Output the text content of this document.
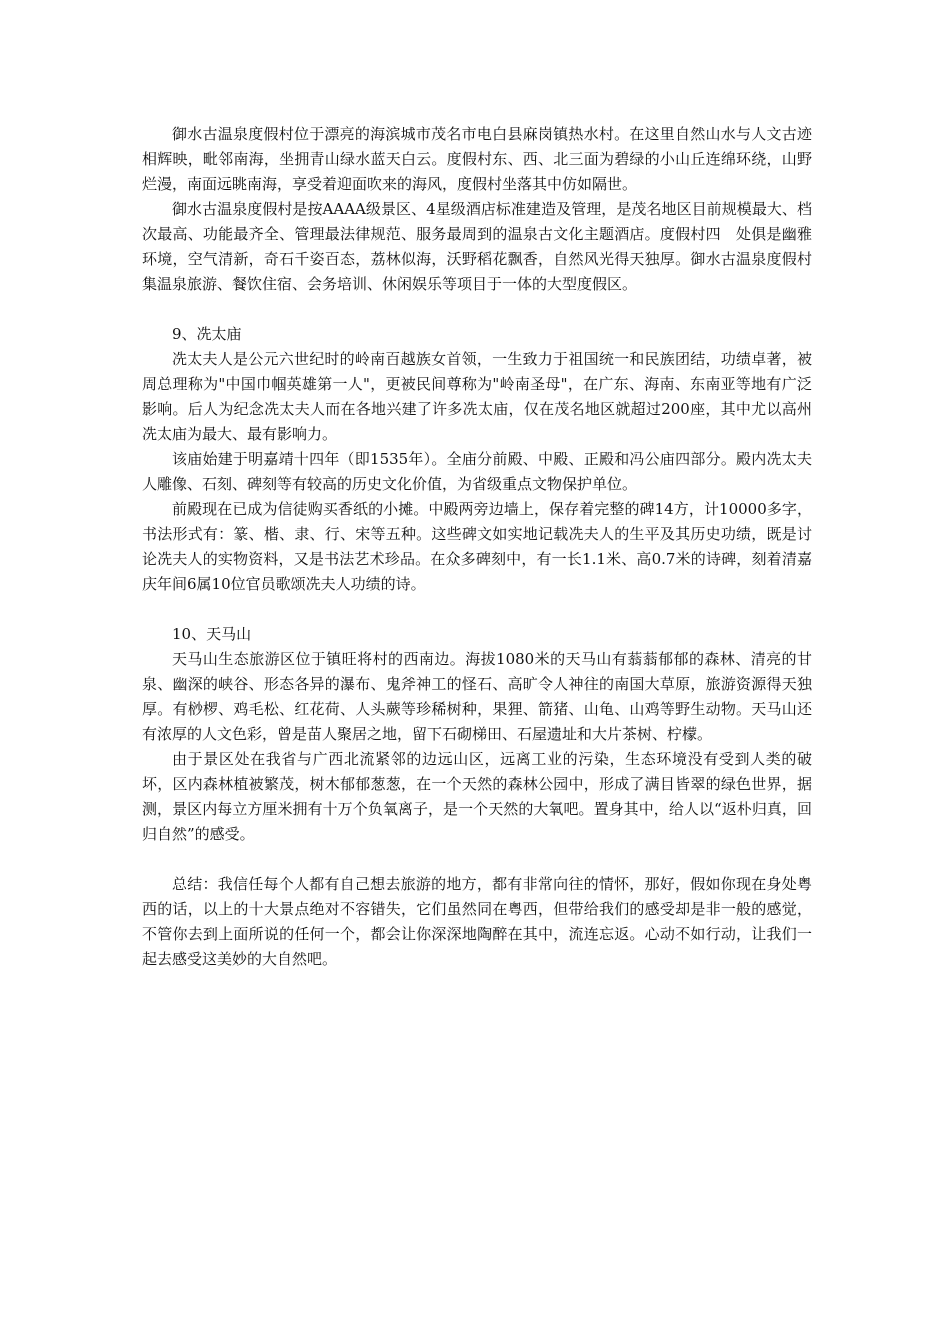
御水古温泉度假村位于漂亮的海滨城市茂名市电白县麻岗镇热水村。在这里自然山水与人文古迹相辉映，毗邻南海，坐拥青山绿水蓝天白云。度假村东、西、北三面为碧绿的小山丘连绵环绕，山野烂漫，南面远眺南海，享受着迎面吹来的海风，度假村坐落其中仿如隔世。

御水古温泉度假村是按AAAA级景区、4星级酒店标准建造及管理，是茂名地区目前规模最大、档次最高、功能最齐全、管理最法律规范、服务最周到的温泉古文化主题酒店。度假村四　处俱是幽雅环境，空气清新，奇石千姿百态，荔林似海，沃野稻花飘香，自然风光得天独厚。御水古温泉度假村集温泉旅游、餐饮住宿、会务培训、休闲娱乐等项目于一体的大型度假区。

9、冼太庙

冼太夫人是公元六世纪时的岭南百越族女首领，一生致力于祖国统一和民族团结，功绩卓著，被周总理称为"中国巾帼英雄第一人"，更被民间尊称为"岭南圣母"，在广东、海南、东南亚等地有广泛影响。后人为纪念冼太夫人而在各地兴建了许多冼太庙，仅在茂名地区就超过200座，其中尤以高州冼太庙为最大、最有影响力。

该庙始建于明嘉靖十四年（即1535年）。全庙分前殿、中殿、正殿和冯公庙四部分。殿内冼太夫人雕像、石刻、碑刻等有较高的历史文化价值，为省级重点文物保护单位。

前殿现在已成为信徒购买香纸的小摊。中殿两旁边墙上，保存着完整的碑14方，计10000多字，书法形式有：篆、楷、隶、行、宋等五种。这些碑文如实地记载冼夫人的生平及其历史功绩，既是讨论冼夫人的实物资料，又是书法艺术珍品。在众多碑刻中，有一长1.1米、高0.7米的诗碑，刻着清嘉庆年间6属10位官员歌颂冼夫人功绩的诗。

10、天马山

天马山生态旅游区位于镇旺将村的西南边。海拔1080米的天马山有蓊蓊郁郁的森林、清亮的甘泉、幽深的峡谷、形态各异的瀑布、鬼斧神工的怪石、高旷令人神往的南国大草原，旅游资源得天独厚。有桫椤、鸡毛松、红花荷、人头蕨等珍稀树种，果狸、箭猪、山龟、山鸡等野生动物。天马山还有浓厚的人文色彩，曾是苗人聚居之地，留下石砌梯田、石屋遗址和大片茶树、柠檬。

由于景区处在我省与广西北流紧邻的边远山区，远离工业的污染，生态环境没有受到人类的破坏，区内森林植被繁茂，树木郁郁葱葱，在一个天然的森林公园中，形成了满目皆翠的绿色世界，据测，景区内每立方厘米拥有十万个负氧离子，是一个天然的大氧吧。置身其中，给人以“返朴归真，回归自然”的感受。

总结：我信任每个人都有自己想去旅游的地方，都有非常向往的情怀，那好，假如你现在身处粤西的话，以上的十大景点绝对不容错失，它们虽然同在粤西，但带给我们的感受却是非一般的感觉，不管你去到上面所说的任何一个，都会让你深深地陶醉在其中，流连忘返。心动不如行动，让我们一起去感受这美妙的大自然吧。
